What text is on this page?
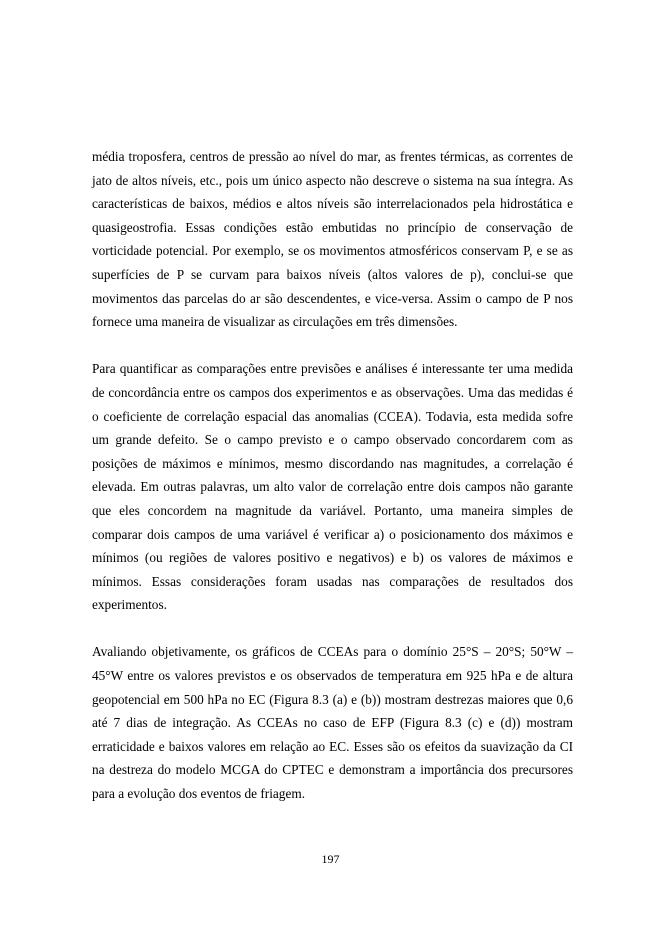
média troposfera, centros de pressão ao nível do mar, as frentes térmicas, as correntes de jato de altos níveis, etc., pois um único aspecto não descreve o sistema na sua íntegra. As características de baixos, médios e altos níveis são interrelacionados pela hidrostática e quasigeostrofia. Essas condições estão embutidas no princípio de conservação de vorticidade potencial. Por exemplo, se os movimentos atmosféricos conservam P, e se as superfícies de P se curvam para baixos níveis (altos valores de p), conclui-se que movimentos das parcelas do ar são descendentes, e vice-versa. Assim o campo de P nos fornece uma maneira de visualizar as circulações em três dimensões.

Para quantificar as comparações entre previsões e análises é interessante ter uma medida de concordância entre os campos dos experimentos e as observações. Uma das medidas é o coeficiente de correlação espacial das anomalias (CCEA). Todavia, esta medida sofre um grande defeito. Se o campo previsto e o campo observado concordarem com as posições de máximos e mínimos, mesmo discordando nas magnitudes, a correlação é elevada. Em outras palavras, um alto valor de correlação entre dois campos não garante que eles concordem na magnitude da variável. Portanto, uma maneira simples de comparar dois campos de uma variável é verificar a) o posicionamento dos máximos e mínimos (ou regiões de valores positivo e negativos) e b) os valores de máximos e mínimos. Essas considerações foram usadas nas comparações de resultados dos experimentos.

Avaliando objetivamente, os gráficos de CCEAs para o domínio 25°S – 20°S; 50°W – 45°W entre os valores previstos e os observados de temperatura em 925 hPa e de altura geopotencial em 500 hPa no EC (Figura 8.3 (a) e (b)) mostram destrezas maiores que 0,6 até 7 dias de integração. As CCEAs no caso de EFP (Figura 8.3 (c) e (d)) mostram erraticidade e baixos valores em relação ao EC. Esses são os efeitos da suavização da CI na destreza do modelo MCGA do CPTEC e demonstram a importância dos precursores para a evolução dos eventos de friagem.

197
